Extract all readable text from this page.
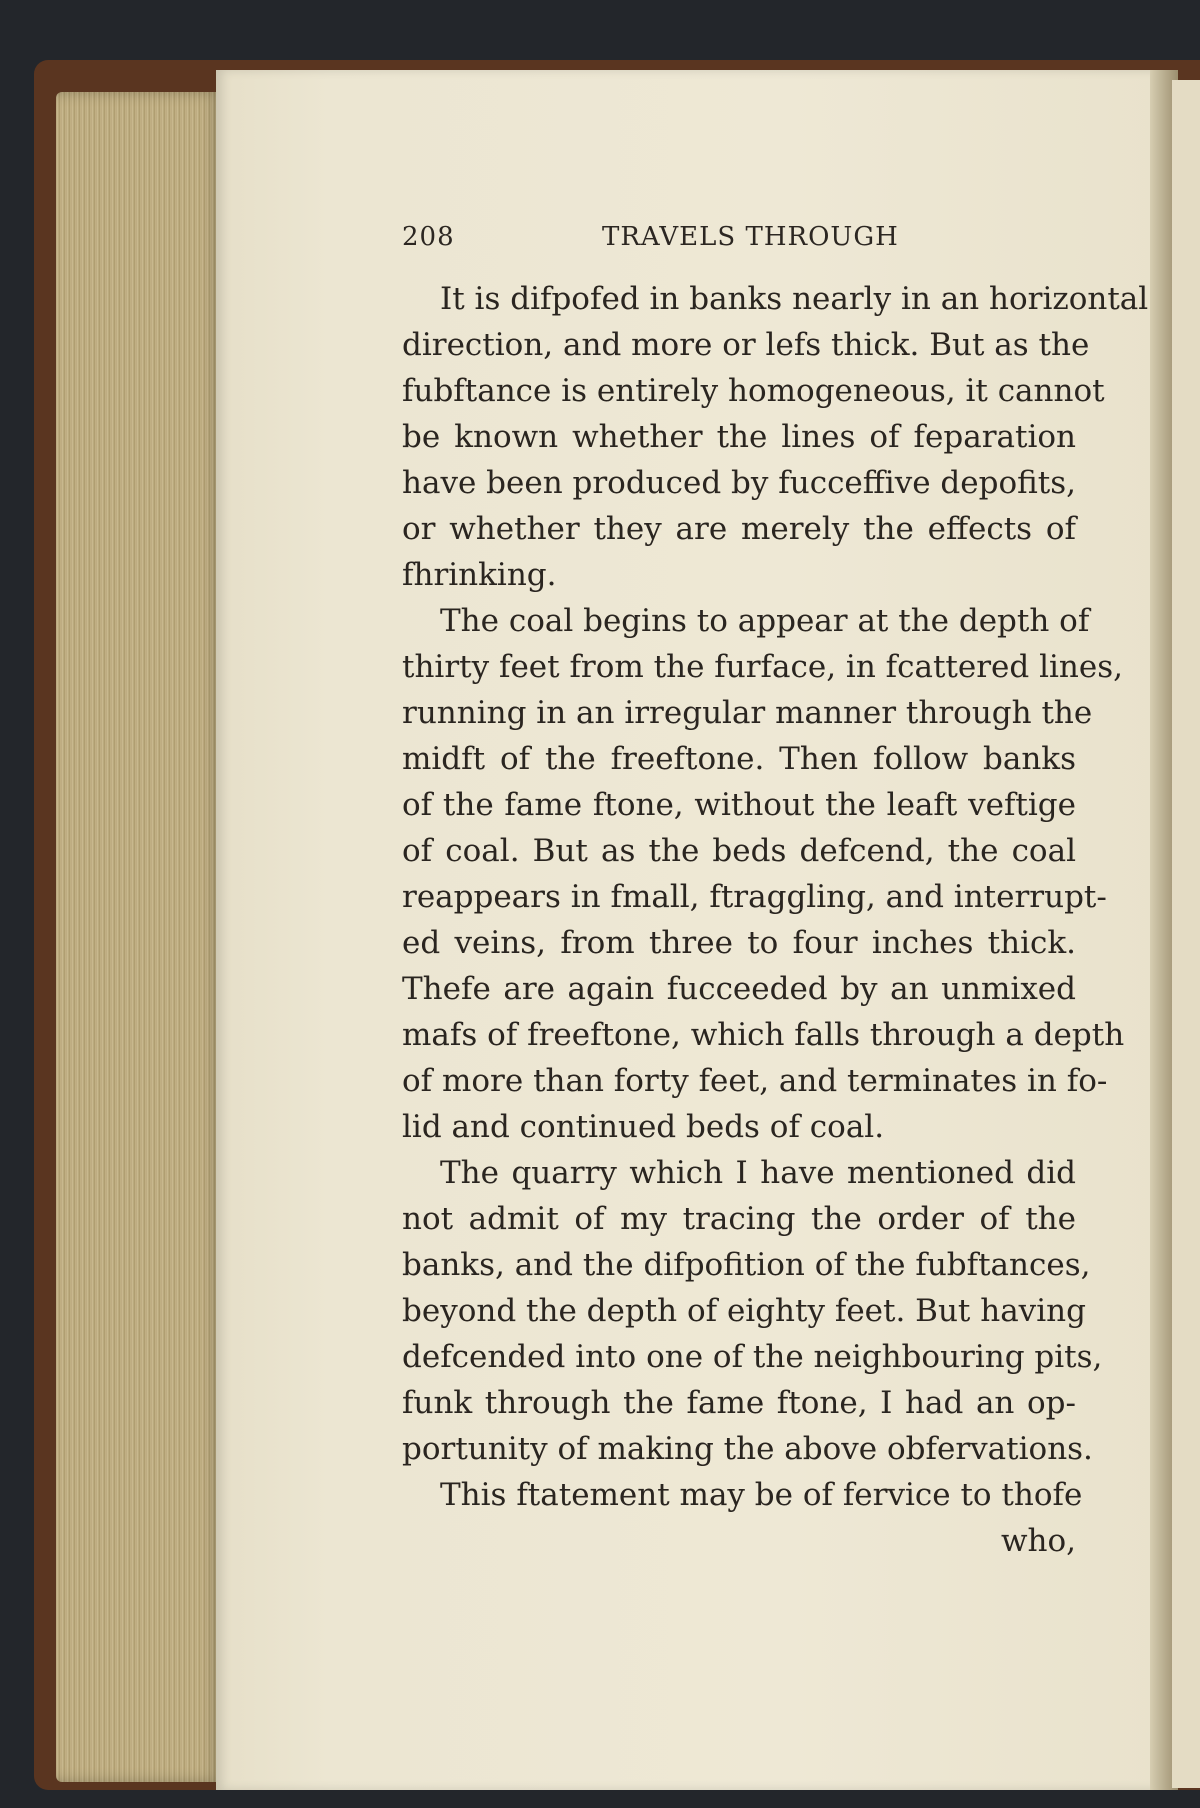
208	TRAVELS THROUGH
It is difpofed in banks nearly in an horizontal
direction, and more or lefs thick. But as the
fubftance is entirely homogeneous, it cannot
be known whether the lines of feparation
have been produced by fucceffive depofits,
or whether they are merely the effects of
fhrinking.
The coal begins to appear at the depth of
thirty feet from the furface, in fcattered lines,
running in an irregular manner through the
midft of the freeftone. Then follow banks
of the fame ftone, without the leaft veftige
of coal. But as the beds defcend, the coal
reappears in fmall, ftraggling, and interrupt-
ed veins, from three to four inches thick.
Thefe are again fucceeded by an unmixed
mafs of freeftone, which falls through a depth
of more than forty feet, and terminates in fo-
lid and continued beds of coal.
The quarry which I have mentioned did
not admit of my tracing the order of the
banks, and the difpofition of the fubftances,
beyond the depth of eighty feet. But having
defcended into one of the neighbouring pits,
funk through the fame ftone, I had an op-
portunity of making the above obfervations.
This ftatement may be of fervice to thofe
who,
